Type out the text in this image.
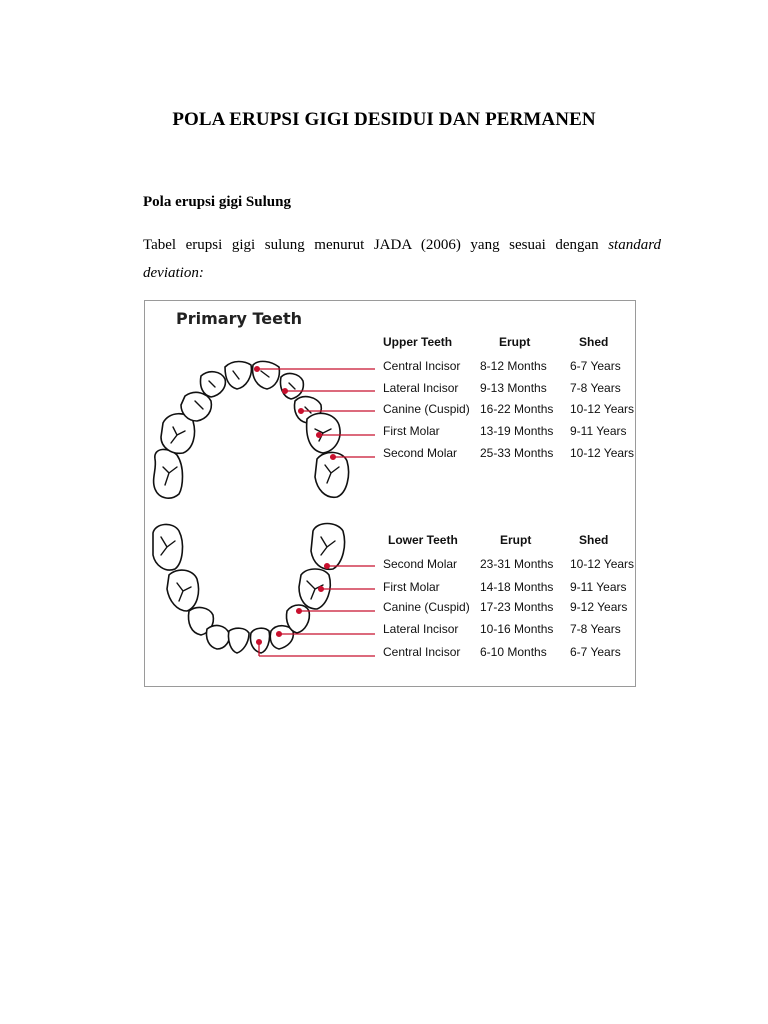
POLA ERUPSI GIGI DESIDUI DAN PERMANEN
Pola erupsi gigi Sulung
Tabel erupsi gigi sulung menurut JADA (2006) yang sesuai dengan standard deviation:
Primary Teeth
Upper Teeth	Erupt	Shed
Central Incisor 8-12 Months 6-7 Years
Lateral Incisor 9-13 Months 7-8 Years
Canine (Cuspid) 16-22 Months 10-12 Years
First Molar	13-19 Months 9-11 Years
Second Molar 25-33 Months 10-12 Years
Lower Teeth	Erupt	Shed
Second Molar 23-31 Months 10-12 Years
First Molar	14-18 Months 9-11 Years
Canine (Cuspid) 17-23 Months 9-12 Years
Lateral Incisor 10-16 Months 7-8 Years
Central Incisor 6-10 Months 6-7 Years
